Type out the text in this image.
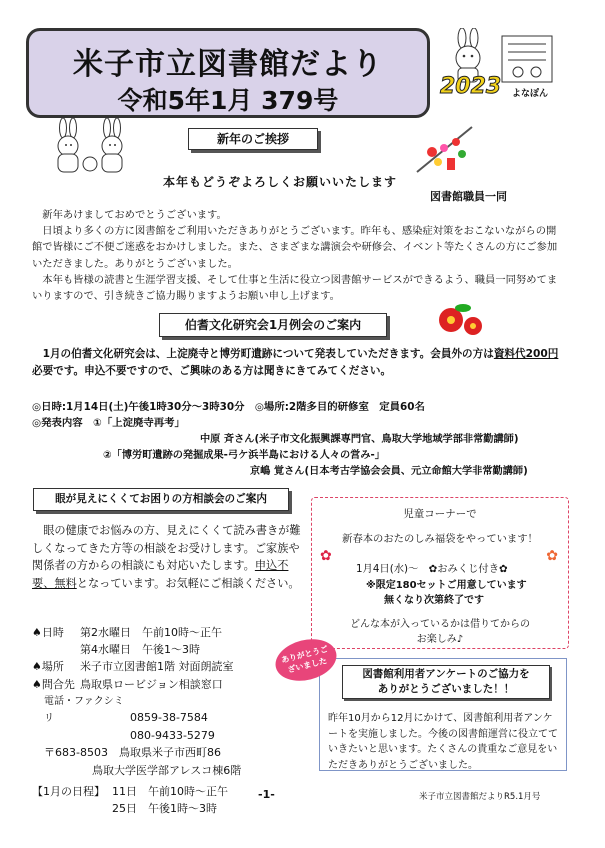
米子市立図書館だより
令和5年1月 379号	2023 よなぽん
新年のご挨拶
本年もどうぞよろしくお願いいたします
図書館職員一同
　新年あけましておめでとうございます。
　日頃より多くの方に図書館をご利用いただきありがとうございます。昨年も、感染症対策をおこないながらの開館で皆様にご不便ご迷惑をおかけしました。また、さまざまな講演会や研修会、イベント等たくさんの方にご参加いただきました。ありがとうございました。
　本年も皆様の読書と生涯学習支援、そして仕事と生活に役立つ図書館サービスができるよう、職員一同努めてまいりますので、引き続きご協力賜りますようお願い申し上げます。
伯耆文化研究会1月例会のご案内
　1月の伯耆文化研究会は、上淀廃寺と博労町遺跡について発表していただきます。会員外の方は資料代200円必要です。申込不要ですので、ご興味のある方は聞きにきてみてください。
◎日時:1月14日(土)午後1時30分～3時30分　◎場所:2階多目的研修室　定員60名
◎発表内容　①「上淀廃寺再考」
中原 斉さん(米子市文化振興課専門官、鳥取大学地域学部非常勤講師)
②「博労町遺跡の発掘成果-弓ケ浜半島における人々の営み-」
京嶋 覚さん(日本考古学協会会員、元立命館大学非常勤講師)
眼が見えにくくてお困りの方相談会のご案内
　眼の健康でお悩みの方、見えにくくて読み書きが難しくなってきた方等の相談をお受けします。ご家族や関係者の方からの相談にも対応いたします。申込不要、無料となっています。お気軽にご相談ください。
♠日時 第2水曜日　午前10時～正午
第4水曜日　午後1～3時
♠場所 米子市立図書館1階 対面朗読室
♠問合先 鳥取県ロービジョン相談窓口
電話・ファクシミリ	0859-38-7584
080-9433-5279
〒683-8503　鳥取県米子市西町86
鳥取大学医学部アレスコ棟6階
【1月の日程】 11日　午前10時～正午
25日　午後1時～3時
児童コーナーで
新春本のおたのしみ福袋をやっています！
✿	✿
1月4日(水)～　✿おみくじ付き✿
※限定180セットご用意しています
無くなり次第終了です
どんな本が入っているかは借りてからの
お楽しみ♪
図書館利用者アンケートのご協力を
ありがとうございました！！
昨年10月から12月にかけて、図書館利用者アンケートを実施しました。今後の図書館運営に役立てていきたいと思います。たくさんの貴重なご意見をいただきありがとうございました。
ありがとうございました
-1-	米子市立図書館だよりR5.1月号
